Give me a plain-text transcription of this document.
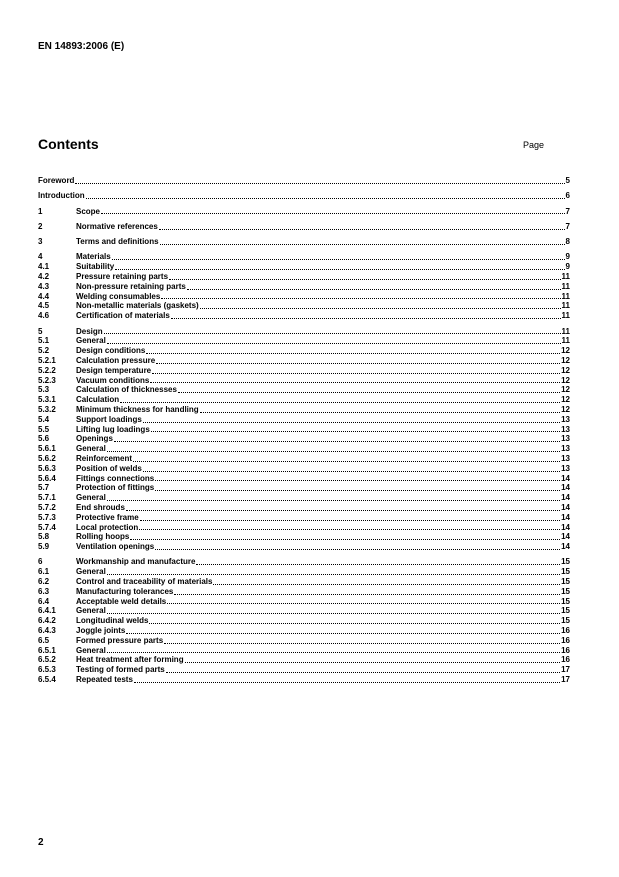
EN 14893:2006 (E)
Contents	Page
Foreword	5
Introduction	6
1	Scope	7
2	Normative references	7
3	Terms and definitions	8
4	Materials	9
4.1	Suitability	9
4.2	Pressure retaining parts	11
4.3	Non-pressure retaining parts	11
4.4	Welding consumables	11
4.5	Non-metallic materials (gaskets)	11
4.6	Certification of materials	11
5	Design	11
5.1	General	11
5.2	Design conditions	12
5.2.1	Calculation pressure	12
5.2.2	Design temperature	12
5.2.3	Vacuum conditions	12
5.3	Calculation of thicknesses	12
5.3.1	Calculation	12
5.3.2	Minimum thickness for handling	12
5.4	Support loadings	13
5.5	Lifting lug loadings	13
5.6	Openings	13
5.6.1	General	13
5.6.2	Reinforcement	13
5.6.3	Position of welds	13
5.6.4	Fittings connections	14
5.7	Protection of fittings	14
5.7.1	General	14
5.7.2	End shrouds	14
5.7.3	Protective frame	14
5.7.4	Local protection	14
5.8	Rolling hoops	14
5.9	Ventilation openings	14
6	Workmanship and manufacture	15
6.1	General	15
6.2	Control and traceability of materials	15
6.3	Manufacturing tolerances	15
6.4	Acceptable weld details	15
6.4.1	General	15
6.4.2	Longitudinal welds	15
6.4.3	Joggle joints	16
6.5	Formed pressure parts	16
6.5.1	General	16
6.5.2	Heat treatment after forming	16
6.5.3	Testing of formed parts	17
6.5.4	Repeated tests	17
2
